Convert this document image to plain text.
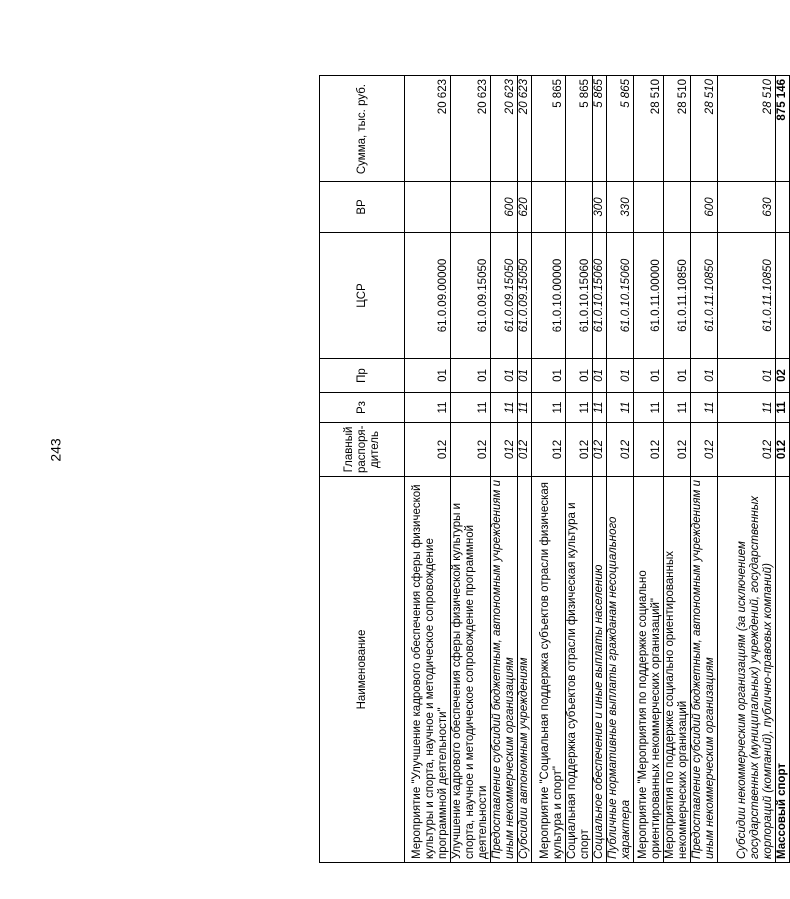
243
Наименование	Главный распоря-дитель	Рз	Пр	ЦСР	ВР	Сумма, тыс. руб.
Мероприятие "Улучшение кадрового обеспечения сферы физической культуры и спорта, научное и методическое сопровождение программной деятельности"	012	11	01	61.0.09.00000		20 623
Улучшение кадрового обеспечения сферы физической культуры и спорта, научное и методическое сопровождение программной деятельности	012	11	01	61.0.09.15050		20 623
Предоставление субсидий бюджетным, автономным учреждениям и иным некоммерческим организациям	012	11	01	61.0.09.15050	600	20 623
Субсидии автономным учреждениям	012	11	01	61.0.09.15050	620	20 623
Мероприятие "Социальная поддержка субъектов отрасли физическая культура и спорт"	012	11	01	61.0.10.00000		5 865
Социальная поддержка субъектов отрасли физическая культура и спорт	012	11	01	61.0.10.15060		5 865
Социальное обеспечение и иные выплаты населению	012	11	01	61.0.10.15060	300	5 865
Публичные нормативные выплаты гражданам несоциального характера	012	11	01	61.0.10.15060	330	5 865
Мероприятие "Мероприятия по поддержке социально ориентированных некоммерческих организаций"	012	11	01	61.0.11.00000		28 510
Мероприятия по поддержке социально ориентированных некоммерческих организаций	012	11	01	61.0.11.10850		28 510
Предоставление субсидий бюджетным, автономным учреждениям и иным некоммерческим организациям	012	11	01	61.0.11.10850	600	28 510
Субсидии некоммерческим организациям (за исключением государственных (муниципальных) учреждений, государственных корпораций (компаний), публично-правовых компаний)	012	11	01	61.0.11.10850	630	28 510
Массовый спорт	012	11	02			875 146
